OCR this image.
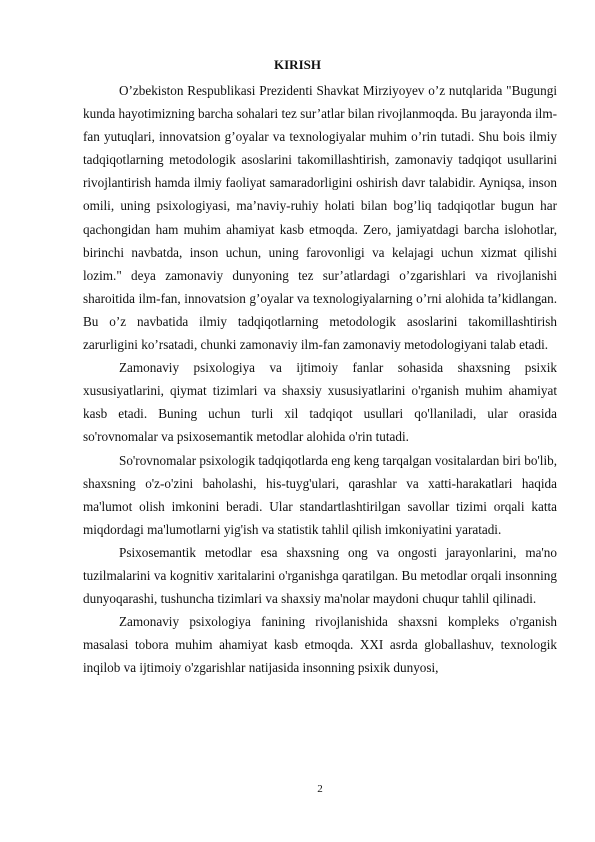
KIRISH

O’zbekiston Respublikasi Prezidenti Shavkat Mirziyoyev o’z nutqlarida "Bugungi kunda hayotimizning barcha sohalari tez sur’atlar bilan rivojlanmoqda. Bu jarayonda ilm-fan yutuqlari, innovatsion g’oyalar va texnologiyalar muhim o’rin tutadi. Shu bois ilmiy tadqiqotlarning metodologik asoslarini takomillashtirish, zamonaviy tadqiqot usullarini rivojlantirish hamda ilmiy faoliyat samaradorligini oshirish davr talabidir. Ayniqsa, inson omili, uning psixologiyasi, ma’naviy-ruhiy holati bilan bog’liq tadqiqotlar bugun har qachongidan ham muhim ahamiyat kasb etmoqda. Zero, jamiyatdagi barcha islohotlar, birinchi navbatda, inson uchun, uning farovonligi va kelajagi uchun xizmat qilishi lozim." deya zamonaviy dunyoning tez sur’atlardagi o’zgarishlari va rivojlanishi sharoitida ilm-fan, innovatsion g’oyalar va texnologiyalarning o’rni alohida ta’kidlangan. Bu o’z navbatida ilmiy tadqiqotlarning metodologik asoslarini takomillashtirish zarurligini ko’rsatadi, chunki zamonaviy ilm-fan zamonaviy metodologiyani talab etadi.

Zamonaviy psixologiya va ijtimoiy fanlar sohasida shaxsning psixik xususiyatlarini, qiymat tizimlari va shaxsiy xususiyatlarini o'rganish muhim ahamiyat kasb etadi. Buning uchun turli xil tadqiqot usullari qo'llaniladi, ular orasida so'rovnomalar va psixosemantik metodlar alohida o'rin tutadi.

So'rovnomalar psixologik tadqiqotlarda eng keng tarqalgan vositalardan biri bo'lib, shaxsning o'z-o'zini baholashi, his-tuyg'ulari, qarashlar va xatti-harakatlari haqida ma'lumot olish imkonini beradi. Ular standartlashtirilgan savollar tizimi orqali katta miqdordagi ma'lumotlarni yig'ish va statistik tahlil qilish imkoniyatini yaratadi.

Psixosemantik metodlar esa shaxsning ong va ongosti jarayonlarini, ma'no tuzilmalarini va kognitiv xaritalarini o'rganishga qaratilgan. Bu metodlar orqali insonning dunyoqarashi, tushuncha tizimlari va shaxsiy ma'nolar maydoni chuqur tahlil qilinadi.

Zamonaviy psixologiya fanining rivojlanishida shaxsni kompleks o'rganish masalasi tobora muhim ahamiyat kasb etmoqda. XXI asrda globallashuv, texnologik inqilob va ijtimoiy o'zgarishlar natijasida insonning psixik dunyosi,

2
